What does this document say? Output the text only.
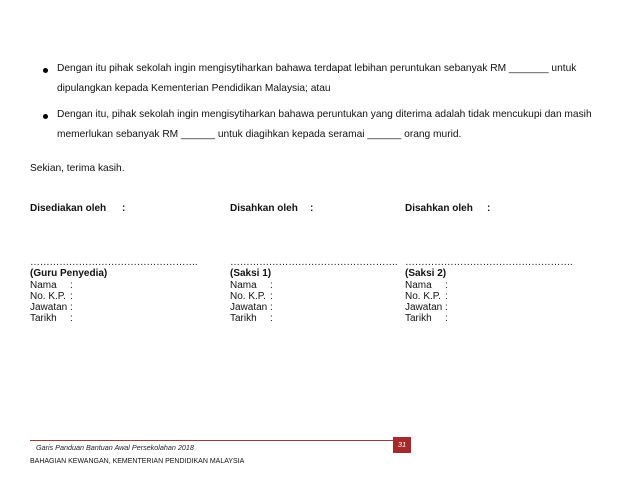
Dengan itu pihak sekolah ingin mengisytiharkan bahawa terdapat lebihan peruntukan sebanyak RM _______ untuk
dipulangkan kepada Kementerian Pendidikan Malaysia; atau
Dengan itu, pihak sekolah ingin mengisytiharkan bahawa peruntukan yang diterima adalah tidak mencukupi dan masih
memerlukan sebanyak RM ______ untuk diagihkan kepada seramai ______ orang murid.
Sekian, terima kasih.
Disediakan oleh :
…………………………………………….
(Guru Penyedia)
Nama :
No. K.P. :
Jawatan :
Tarikh :
Disahkan oleh :
…………………………………………….
(Saksi 1)
Nama :
No. K.P. :
Jawatan :
Tarikh :
Disahkan oleh :
…………………………………………….
(Saksi 2)
Nama :
No. K.P. :
Jawatan :
Tarikh :
Garis Panduan Bantuan Awal Persekolahan 2018	31
BAHAGIAN KEWANGAN, KEMENTERIAN PENDIDIKAN MALAYSIA
